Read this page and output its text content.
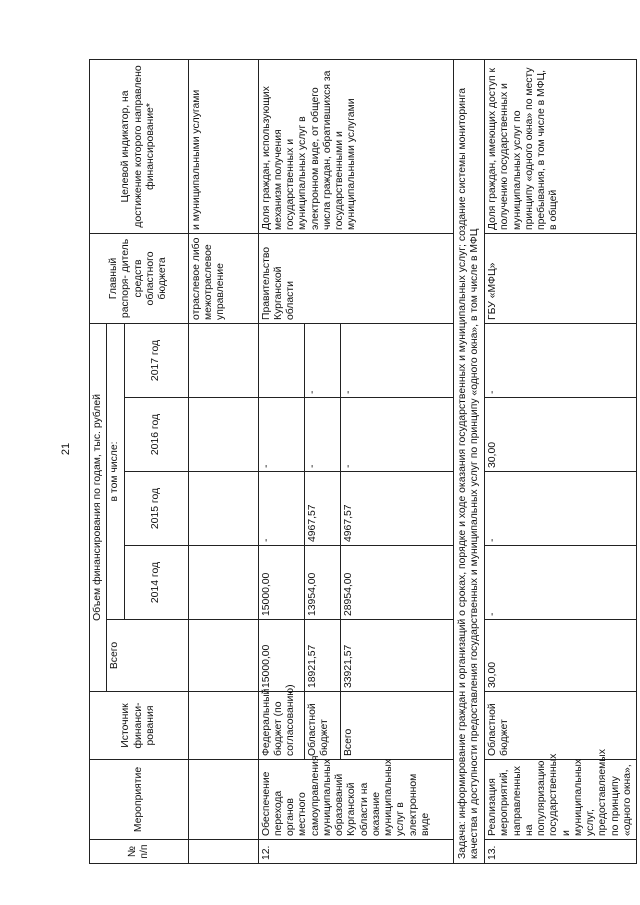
21
№ п/п	Мероприятие	Источник финанси- рования	Объем финансирования по годам, тыс. рублей					Главный распоря- дитель средств областного бюджета	Целевой индикатор, на достижение которого направлено финансирование*
			Всего	в том числе:					
				2014 год	2015 год	2016 год	2017 год		
								отраслевое либо межотраслевое управление	и муниципальными услугами
12.	Обеспечение перехода органов местного самоуправления муниципальных образований Курганской области на оказание муниципальных услуг в электронном виде	Федеральный бюджет (по согласованию)	15000,00	15000,00	-	-		Правительство Курганской области	Доля граждан, использующих механизм получения государственных и муниципальных услуг в электронном виде, от общего числа граждан, обратившихся за государственными и муниципальными услугами
		Областной бюджет	18921,57	13954,00	4967,57	-	-		
		Всего	33921,57	28954,00	4967,57	-	-		
Задача: информирование граждан и организаций о сроках, порядке и ходе оказания государственных и муниципальных услуг; создание системы мониторинга качества и доступности предоставления государственных и муниципальных услуг по принципу «одного окна», в том числе в МФЦ									
13.	Реализация мероприятий, направленных на популяризацию государственных и муниципальных услуг, предоставляемых по принципу «одного окна»,	Областной бюджет	30,00	-	-	30,00	-	ГБУ «МФЦ»	Доля граждан, имеющих доступ к получению государственных и муниципальных услуг по принципу «одного окна» по месту пребывания, в том числе в МФЦ, в общей
